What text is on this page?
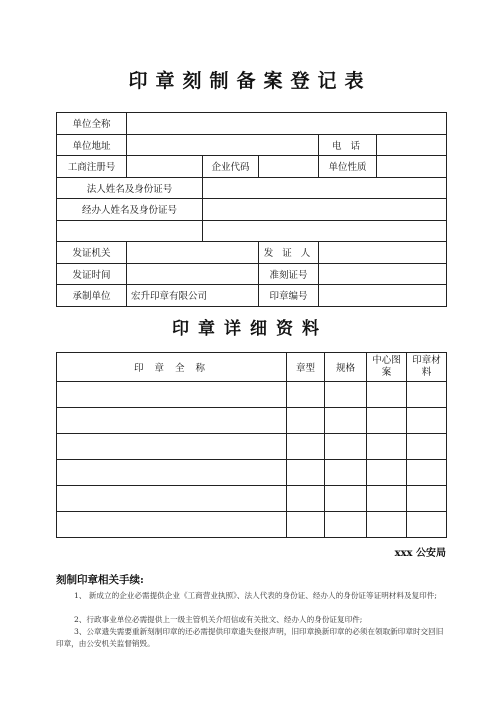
印章刻制备案登记表
单位全称					
单位地址				电 话	
工商注册号		企业代码		单位性质	
法人姓名及身份证号					
经办人姓名及身份证号					

发证机关			发 证 人		
发证时间			准刻证号		
承制单位	宏升印章有限公司		印章编号		
印章详细资料
印 章 全 称	章型	规格	中心图案	印章材料

xxx 公安局
刻制印章相关手续:
1、 新成立的企业必需提供企业《工商营业执照》、法人代表的身份证、经办人的身份证等证明材料及复印件;
2、行政事业单位必需提供上一级主管机关介绍信或有关批文、经办人的身份证复印件;
3、公章遗失需要重新刻制印章的还必需提供印章遗失登报声明，旧印章换新印章的必须在领取新印章时交回旧印章，由公安机关监督销毁。
